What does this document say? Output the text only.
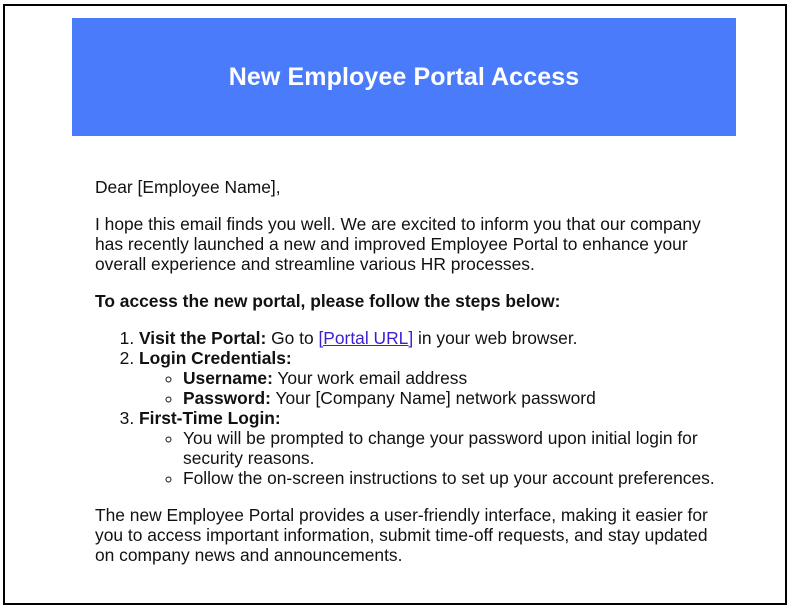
New Employee Portal Access

Dear [Employee Name],

I hope this email finds you well. We are excited to inform you that our company has recently launched a new and improved Employee Portal to enhance your overall experience and streamline various HR processes.

To access the new portal, please follow the steps below:

1. Visit the Portal: Go to [Portal URL] in your web browser.
2. Login Credentials:
◦ Username: Your work email address
◦ Password: Your [Company Name] network password
3. First-Time Login:
◦ You will be prompted to change your password upon initial login for security reasons.
◦ Follow the on-screen instructions to set up your account preferences.

The new Employee Portal provides a user-friendly interface, making it easier for you to access important information, submit time-off requests, and stay updated on company news and announcements.
